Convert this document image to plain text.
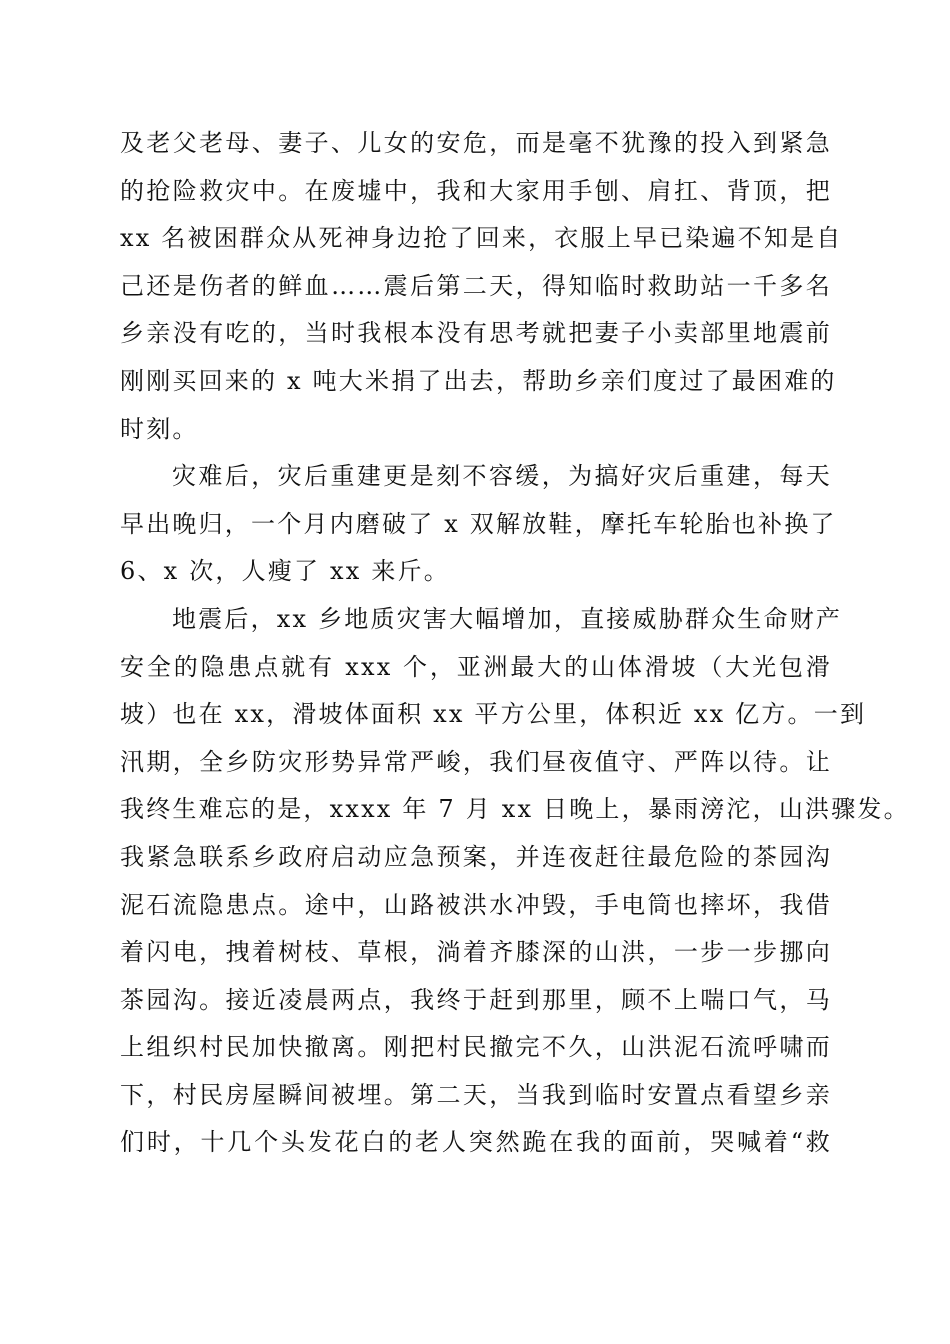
及老父老母、妻子、儿女的安危，而是毫不犹豫的投入到紧急
的抢险救灾中。在废墟中，我和大家用手刨、肩扛、背顶，把
xx 名被困群众从死神身边抢了回来，衣服上早已染遍不知是自
己还是伤者的鲜血……震后第二天，得知临时救助站一千多名
乡亲没有吃的，当时我根本没有思考就把妻子小卖部里地震前
刚刚买回来的 x 吨大米捐了出去，帮助乡亲们度过了最困难的
时刻。
灾难后，灾后重建更是刻不容缓，为搞好灾后重建，每天
早出晚归，一个月内磨破了 x 双解放鞋，摩托车轮胎也补换了
6、x 次，人瘦了 xx 来斤。
地震后，xx 乡地质灾害大幅增加，直接威胁群众生命财产
安全的隐患点就有 xxx 个，亚洲最大的山体滑坡（大光包滑
坡）也在 xx，滑坡体面积 xx 平方公里，体积近 xx 亿方。一到
汛期，全乡防灾形势异常严峻，我们昼夜值守、严阵以待。让
我终生难忘的是，xxxx 年 7 月 xx 日晚上，暴雨滂沱，山洪骤发。
我紧急联系乡政府启动应急预案，并连夜赶往最危险的茶园沟
泥石流隐患点。途中，山路被洪水冲毁，手电筒也摔坏，我借
着闪电，拽着树枝、草根，淌着齐膝深的山洪，一步一步挪向
茶园沟。接近凌晨两点，我终于赶到那里，顾不上喘口气，马
上组织村民加快撤离。刚把村民撤完不久，山洪泥石流呼啸而
下，村民房屋瞬间被埋。第二天，当我到临时安置点看望乡亲
们时，十几个头发花白的老人突然跪在我的面前，哭喊着“救
